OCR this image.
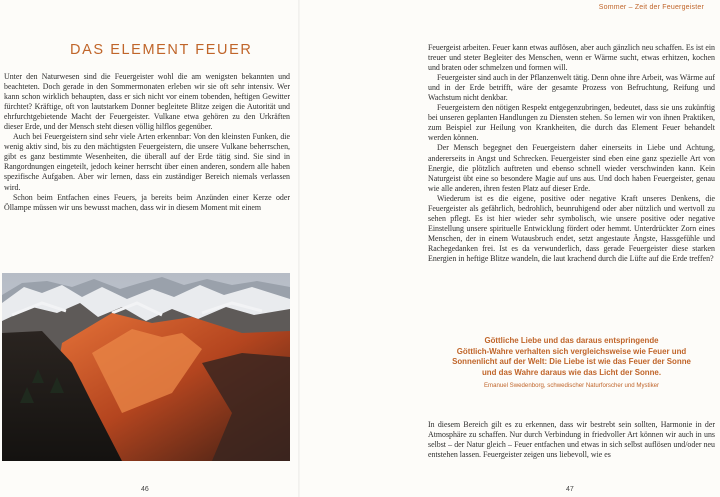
DAS ELEMENT FEUER

Unter den Naturwesen sind die Feuergeister wohl die am wenigsten bekannten und beachteten. Doch gerade in den Sommermonaten erleben wir sie oft sehr intensiv. Wer kann schon wirklich behaupten, dass er sich nicht vor einem tobenden, heftigen Gewitter fürchtet? Kräftige, oft von lautstarkem Donner begleitete Blitze zeigen die Autorität und ehrfurchtgebietende Macht der Feuergeister. Vulkane etwa gehören zu den Urkräften dieser Erde, und der Mensch steht diesen völlig hilflos gegenüber.

Auch bei Feuergeistern sind sehr viele Arten erkennbar: Von den kleinsten Funken, die wenig aktiv sind, bis zu den mächtigsten Feuergeistern, die unsere Vulkane beherrschen, gibt es ganz bestimmte Wesenheiten, die überall auf der Erde tätig sind. Sie sind in Rangordnungen eingeteilt, jedoch keiner herrscht über einen anderen, sondern alle haben spezifische Aufgaben. Aber wir lernen, dass ein zuständiger Bereich niemals verlassen wird.

Schon beim Entfachen eines Feuers, ja bereits beim Anzünden einer Kerze oder Öllampe müssen wir uns bewusst machen, dass wir in diesem Moment mit einem

46
Sommer – Zeit der Feuergeister

Feuergeist arbeiten. Feuer kann etwas auflösen, aber auch gänzlich neu schaffen. Es ist ein treuer und steter Begleiter des Menschen, wenn er Wärme sucht, etwas erhitzen, kochen und braten oder schmelzen und formen will.

Feuergeister sind auch in der Pflanzenwelt tätig. Denn ohne ihre Arbeit, was Wärme auf und in der Erde betrifft, wäre der gesamte Prozess von Befruchtung, Reifung und Wachstum nicht denkbar.

Feuergeistern den nötigen Respekt entgegenzubringen, bedeutet, dass sie uns zukünftig bei unseren geplanten Handlungen zu Diensten stehen. So lernen wir von ihnen Praktiken, zum Beispiel zur Heilung von Krankheiten, die durch das Element Feuer behandelt werden können.

Der Mensch begegnet den Feuergeistern daher einerseits in Liebe und Achtung, andererseits in Angst und Schrecken. Feuergeister sind eben eine ganz spezielle Art von Energie, die plötzlich auftreten und ebenso schnell wieder verschwinden kann. Kein Naturgeist übt eine so besondere Magie auf uns aus. Und doch haben Feuergeister, genau wie alle anderen, ihren festen Platz auf dieser Erde.

Wiederum ist es die eigene, positive oder negative Kraft unseres Denkens, die Feuergeister als gefährlich, bedrohlich, beunruhigend oder aber nützlich und wertvoll zu sehen pflegt. Es ist hier wieder sehr symbolisch, wie unsere positive oder negative Einstellung unsere spirituelle Entwicklung fördert oder hemmt. Unterdrückter Zorn eines Menschen, der in einem Wutausbruch endet, setzt angestaute Ängste, Hassgefühle und Rachegedanken frei. Ist es da verwunderlich, dass gerade Feuergeister diese starken Energien in heftige Blitze wandeln, die laut krachend durch die Lüfte auf die Erde treffen?

Göttliche Liebe und das daraus entspringende
Göttlich-Wahre verhalten sich vergleichsweise wie Feuer und
Sonnenlicht auf der Welt: Die Liebe ist wie das Feuer der Sonne
und das Wahre daraus wie das Licht der Sonne.
Emanuel Swedenborg, schwedischer Naturforscher und Mystiker

In diesem Bereich gilt es zu erkennen, dass wir bestrebt sein sollten, Harmonie in der Atmosphäre zu schaffen. Nur durch Verbindung in friedvoller Art können wir auch in uns selbst – der Natur gleich – Feuer entfachen und etwas in sich selbst auflösen und/oder neu entstehen lassen. Feuergeister zeigen uns liebevoll, wie es

47
